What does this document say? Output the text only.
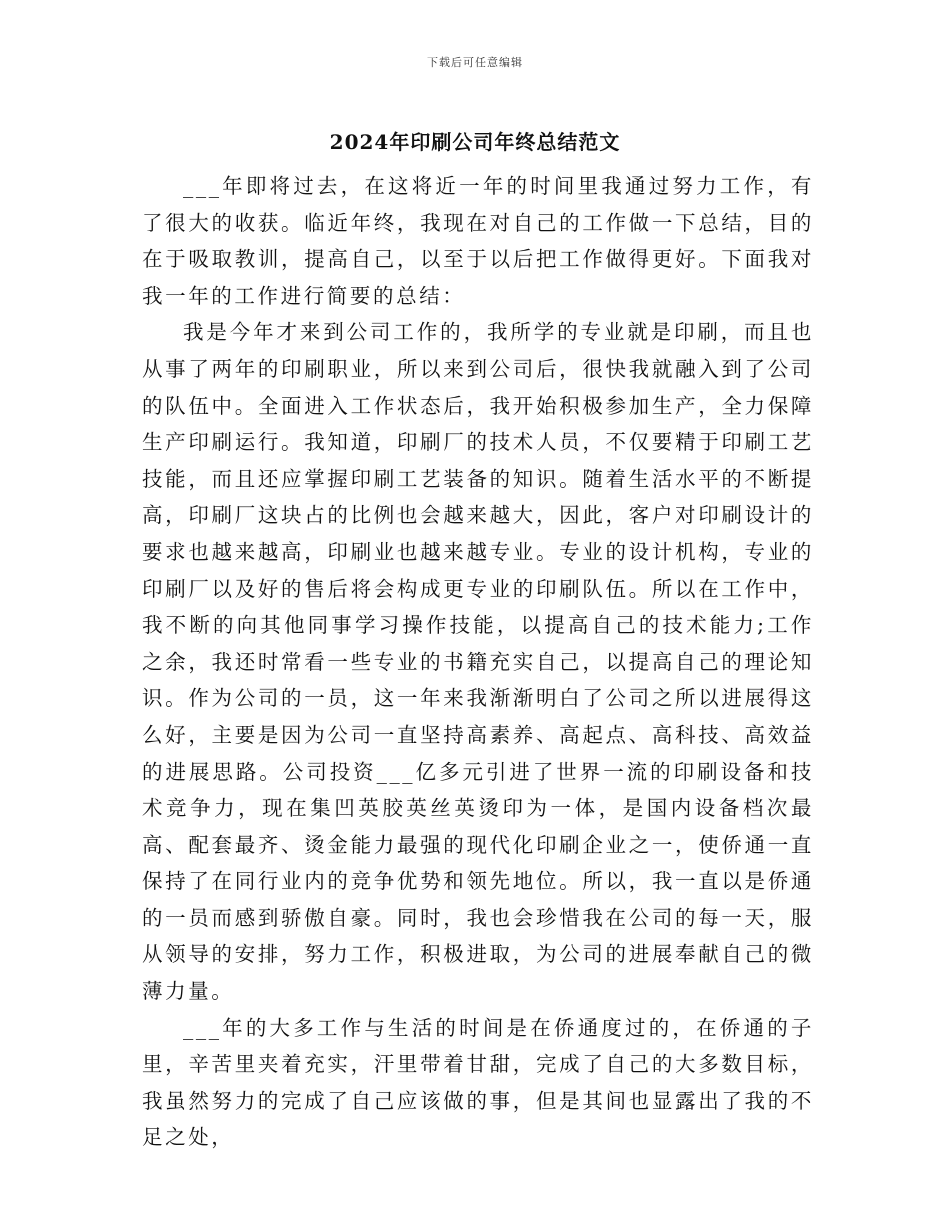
下载后可任意编辑
2024年印刷公司年终总结范文

___年即将过去，在这将近一年的时间里我通过努力工作，有了很大的收获。临近年终，我现在对自己的工作做一下总结，目的在于吸取教训，提高自己，以至于以后把工作做得更好。下面我对我一年的工作进行简要的总结：

我是今年才来到公司工作的，我所学的专业就是印刷，而且也从事了两年的印刷职业，所以来到公司后，很快我就融入到了公司的队伍中。全面进入工作状态后，我开始积极参加生产，全力保障生产印刷运行。我知道，印刷厂的技术人员，不仅要精于印刷工艺技能，而且还应掌握印刷工艺装备的知识。随着生活水平的不断提高，印刷厂这块占的比例也会越来越大，因此，客户对印刷设计的要求也越来越高，印刷业也越来越专业。专业的设计机构，专业的印刷厂以及好的售后将会构成更专业的印刷队伍。所以在工作中，我不断的向其他同事学习操作技能，以提高自己的技术能力;工作之余，我还时常看一些专业的书籍充实自己，以提高自己的理论知识。作为公司的一员，这一年来我渐渐明白了公司之所以进展得这么好，主要是因为公司一直坚持高素养、高起点、高科技、高效益的进展思路。公司投资___亿多元引进了世界一流的印刷设备和技术竞争力，现在集凹英胶英丝英烫印为一体，是国内设备档次最高、配套最齐、烫金能力最强的现代化印刷企业之一，使侨通一直保持了在同行业内的竞争优势和领先地位。所以，我一直以是侨通的一员而感到骄傲自豪。同时，我也会珍惜我在公司的每一天，服从领导的安排，努力工作，积极进取，为公司的进展奉献自己的微薄力量。

___年的大多工作与生活的时间是在侨通度过的，在侨通的子里，辛苦里夹着充实，汗里带着甘甜，完成了自己的大多数目标，我虽然努力的完成了自己应该做的事，但是其间也显露出了我的不足之处，
